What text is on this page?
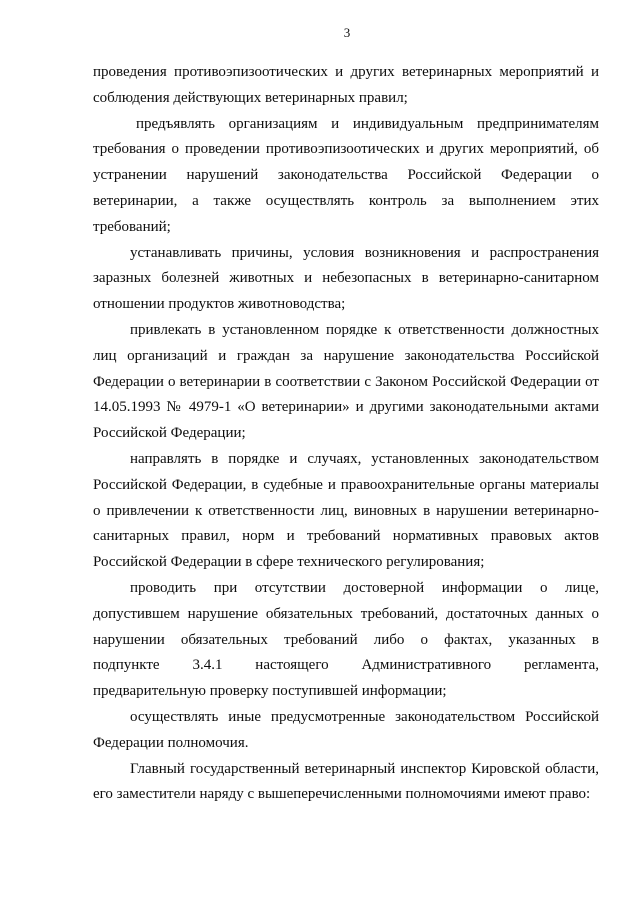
3
проведения противоэпизоотических и других ветеринарных мероприятий и
соблюдения действующих ветеринарных правил;
предъявлять организациям и индивидуальным предпринимателям
требования о проведении противоэпизоотических и других мероприятий, об
устранении нарушений законодательства Российской Федерации о
ветеринарии, а также осуществлять контроль за выполнением этих
требований;
устанавливать причины, условия возникновения и распространения
заразных болезней животных и небезопасных в ветеринарно-санитарном
отношении продуктов животноводства;
привлекать в установленном порядке к ответственности должностных
лиц организаций и граждан за нарушение законодательства Российской
Федерации о ветеринарии в соответствии с Законом Российской Федерации от
14.05.1993 № 4979-1 «О ветеринарии» и другими законодательными актами
Российской Федерации;
направлять в порядке и случаях, установленных законодательством
Российской Федерации, в судебные и правоохранительные органы материалы
о привлечении к ответственности лиц, виновных в нарушении ветеринарно-
санитарных правил, норм и требований нормативных правовых актов
Российской Федерации в сфере технического регулирования;
проводить при отсутствии достоверной информации о лице,
допустившем нарушение обязательных требований, достаточных данных о
нарушении обязательных требований либо о фактах, указанных в
подпункте 3.4.1 настоящего Административного регламента,
предварительную проверку поступившей информации;
осуществлять иные предусмотренные законодательством Российской
Федерации полномочия.
Главный государственный ветеринарный инспектор Кировской области,
его заместители наряду с вышеперечисленными полномочиями имеют право:
